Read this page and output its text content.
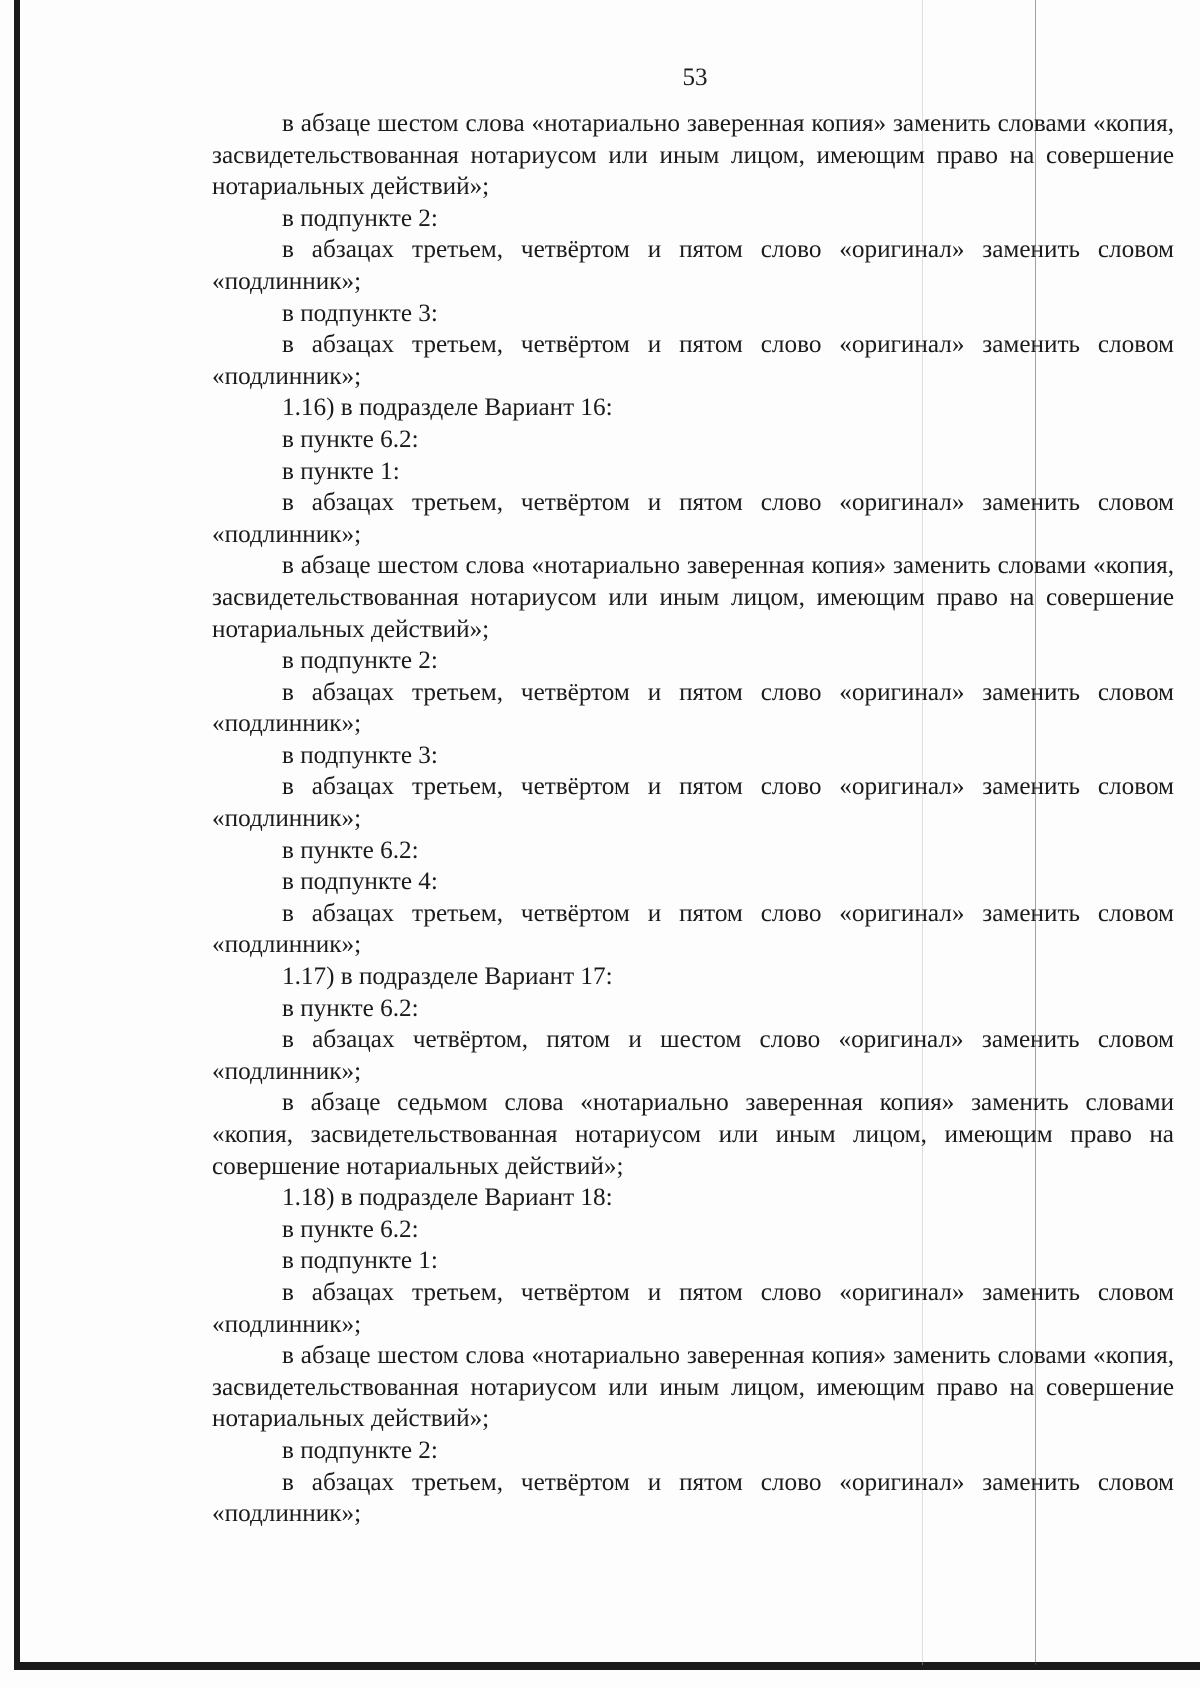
53

в абзаце шестом слова «нотариально заверенная копия» заменить словами «копия, засвидетельствованная нотариусом или иным лицом, имеющим право на совершение нотариальных действий»;

в подпункте 2:

в абзацах третьем, четвёртом и пятом слово «оригинал» заменить словом «подлинник»;

в подпункте 3:

в абзацах третьем, четвёртом и пятом слово «оригинал» заменить словом «подлинник»;

1.16) в подразделе Вариант 16:

в пункте 6.2:

в пункте 1:

в абзацах третьем, четвёртом и пятом слово «оригинал» заменить словом «подлинник»;

в абзаце шестом слова «нотариально заверенная копия» заменить словами «копия, засвидетельствованная нотариусом или иным лицом, имеющим право на совершение нотариальных действий»;

в подпункте 2:

в абзацах третьем, четвёртом и пятом слово «оригинал» заменить словом «подлинник»;

в подпункте 3:

в абзацах третьем, четвёртом и пятом слово «оригинал» заменить словом «подлинник»;

в пункте 6.2:

в подпункте 4:

в абзацах третьем, четвёртом и пятом слово «оригинал» заменить словом «подлинник»;

1.17) в подразделе Вариант 17:

в пункте 6.2:

в абзацах четвёртом, пятом и шестом слово «оригинал» заменить словом «подлинник»;

в абзаце седьмом слова «нотариально заверенная копия» заменить словами «копия, засвидетельствованная нотариусом или иным лицом, имеющим право на совершение нотариальных действий»;

1.18) в подразделе Вариант 18:

в пункте 6.2:

в подпункте 1:

в абзацах третьем, четвёртом и пятом слово «оригинал» заменить словом «подлинник»;

в абзаце шестом слова «нотариально заверенная копия» заменить словами «копия, засвидетельствованная нотариусом или иным лицом, имеющим право на совершение нотариальных действий»;

в подпункте 2:

в абзацах третьем, четвёртом и пятом слово «оригинал» заменить словом «подлинник»;
